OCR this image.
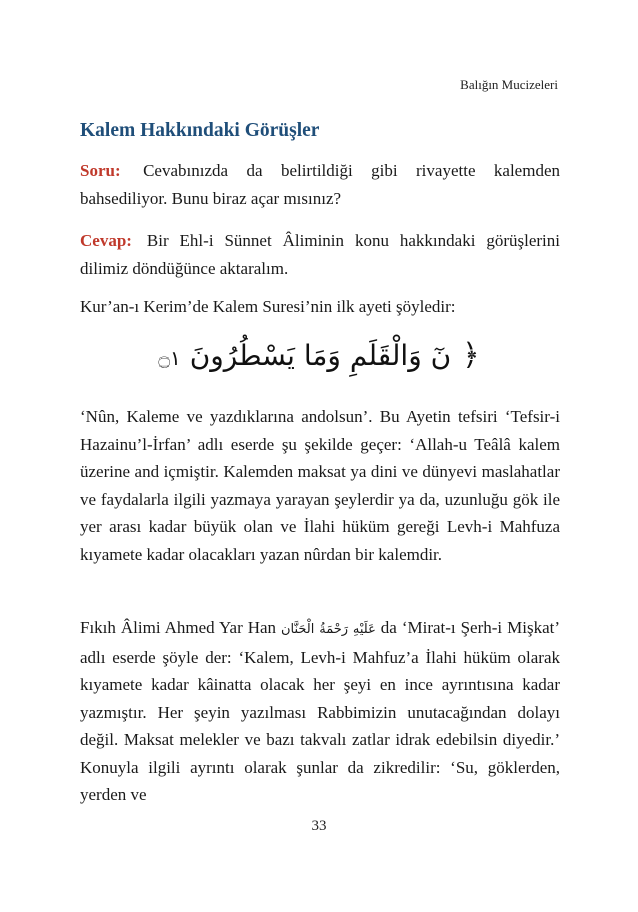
Balığın Mucizeleri
Kalem Hakkındaki Görüşler

Soru: Cevabınızda da belirtildiği gibi rivayette kalemden bahsediliyor. Bunu biraz açar mısınız?

Cevap: Bir Ehl-i Sünnet Âliminin konu hakkındaki görüşlerini dilimiz döndüğünce aktaralım.

Kur’an-ı Kerim’de Kalem Suresi’nin ilk ayeti şöyledir:

﴿ نٓ وَالْقَلَمِ وَمَا يَسْطُرُونَ ۝١

‘Nûn, Kaleme ve yazdıklarına andolsun’. Bu Ayetin tefsiri ‘Tefsir-i Hazainu’l-İrfan’ adlı eserde şu şekilde geçer: ‘Allah-u Teâlâ kalem üzerine and içmiştir. Kalemden maksat ya dini ve dünyevi maslahatlar ve faydalarla ilgili yazmaya yarayan şeylerdir ya da, uzunluğu gök ile yer arası kadar büyük olan ve İlahi hüküm gereği Levh-i Mahfuza kıyamete kadar olacakları yazan nûrdan bir kalemdir.

Fıkıh Âlimi Ahmed Yar Han عَلَيْهِ رَحْمَةُ الْحَنَّان da ‘Mirat-ı Şerh-i Mişkat’ adlı eserde şöyle der: ‘Kalem, Levh-i Mahfuz’a İlahi hüküm olarak kıyamete kadar kâinatta olacak her şeyi en ince ayrıntısına kadar yazmıştır. Her şeyin yazılması Rabbimizin unutacağından dolayı değil. Maksat melekler ve bazı takvalı zatlar idrak edebilsin diyedir.’ Konuyla ilgili ayrıntı olarak şunlar da zikredilir: ‘Su, göklerden, yerden ve

33
